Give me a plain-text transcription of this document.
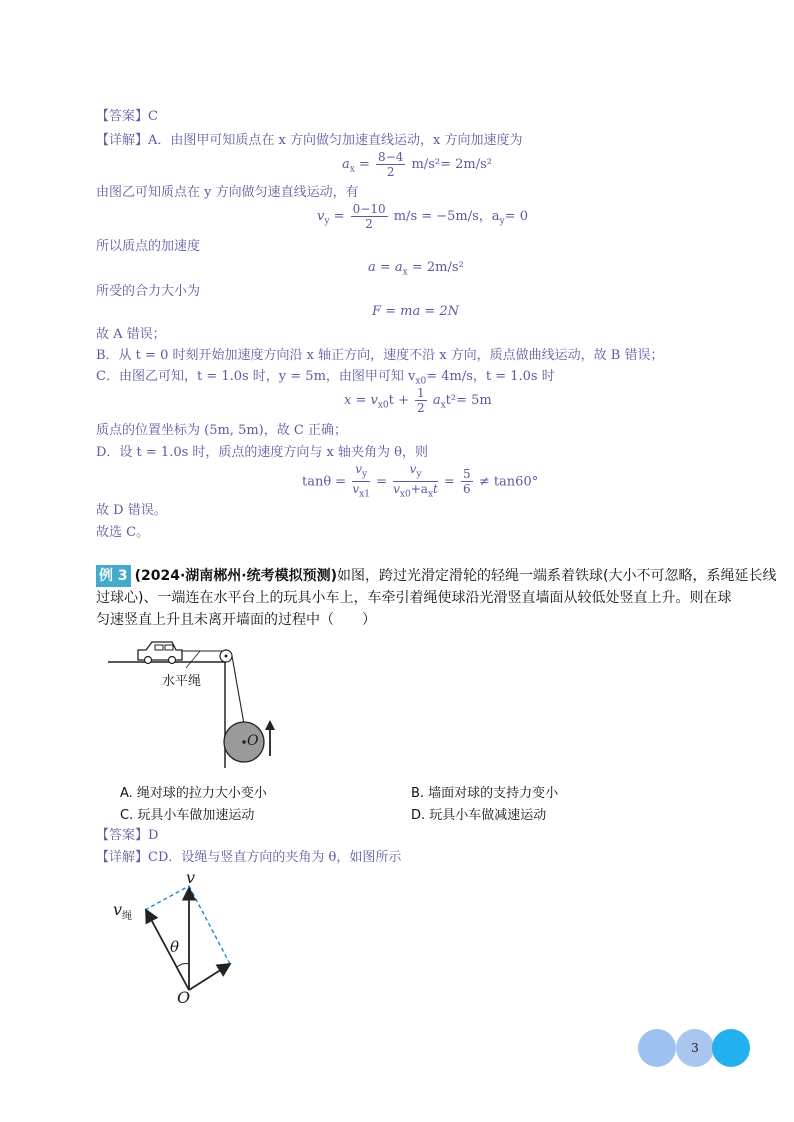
【答案】C
【详解】A．由图甲可知质点在 x 方向做匀加速直线运动，x 方向加速度为
$a_x = \frac{8-4}{2} m/s^2= 2m/s^2$
由图乙可知质点在 y 方向做匀速直线运动，有
$v_y = \frac{0-10}{2} m/s = -5m/s$，$a_y= 0$
所以质点的加速度
$a = a_x = 2m/s^2$
所受的合力大小为
F = ma = 2N
故 A 错误；
B．从 t = 0 时刻开始加速度方向沿 x 轴正方向，速度不沿 x 方向，质点做曲线运动，故 B 错误；
C．由图乙可知，t = 1.0s 时，y = 5m，由图甲可知 $v_{x0}= 4m/s$，t = 1.0s 时
$x = v_{x0}t + \frac{1}{2} a_xt^2= 5m$
质点的位置坐标为 (5m, 5m)，故 C 正确；
D．设 t = 1.0s 时，质点的速度方向与 x 轴夹角为 θ，则
$\tan\theta = \frac{v_y}{v_{x1}} = \frac{v_y}{v_{x0}+a_xt} = \frac{5}{6} \ne \tan 60^\circ$
故 D 错误。
故选 C。
例 3 (2024·湖南郴州·统考模拟预测)如图，跨过光滑定滑轮的轻绳一端系着铁球(大小不可忽略，系绳延长线
过球心)、一端连在水平台上的玩具小车上，车牵引着绳使球沿光滑竖直墙面从较低处竖直上升。则在球
匀速竖直上升且未离开墙面的过程中（　　）
水平绳
O
A. 绳对球的拉力大小变小	B. 墙面对球的支持力变小
C. 玩具小车做加速运动	D. 玩具小车做减速运动
【答案】D
【详解】CD．设绳与竖直方向的夹角为 θ，如图所示
v
$v_绳$
θ
O
3
